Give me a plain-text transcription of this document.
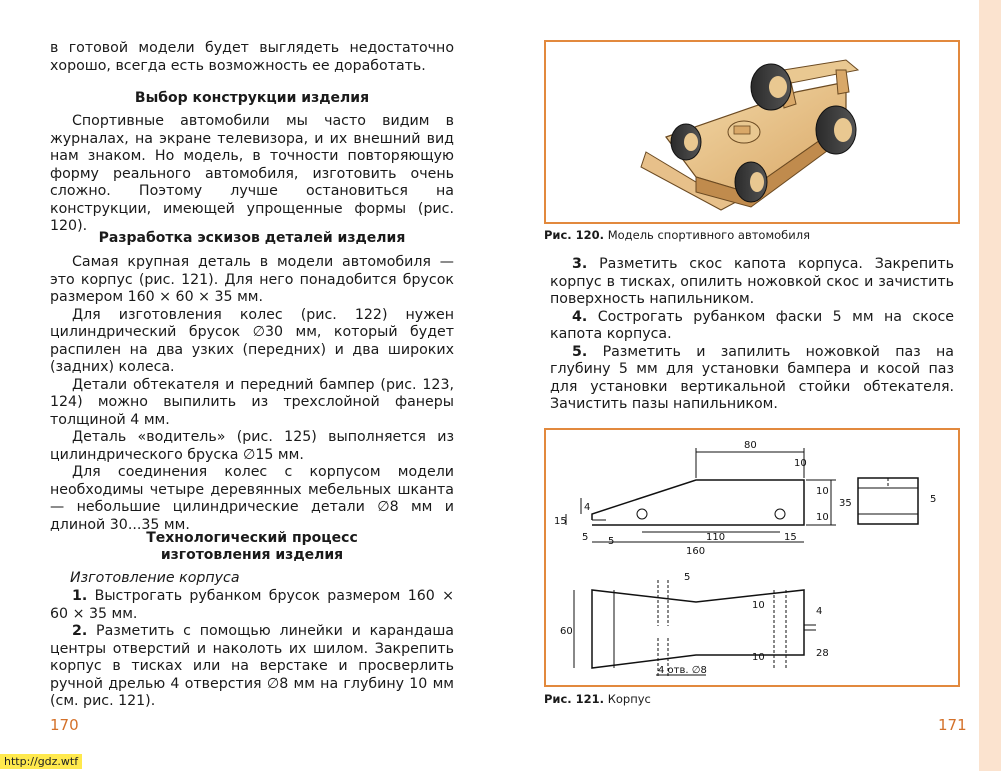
в готовой модели будет выглядеть недостаточно хорошо, всегда есть возможность ее доработать.

Выбор конструкции изделия

Спортивные автомобили мы часто видим в журналах, на экране телевизора, и их внешний вид нам знаком. Но модель, в точности повторяющую форму реального автомобиля, изготовить очень сложно. Поэтому лучше остановиться на конструкции, имеющей упрощенные формы (рис. 120).

Разработка эскизов деталей изделия

Самая крупная деталь в модели автомобиля — это корпус (рис. 121). Для него понадобится брусок размером 160 × 60 × 35 мм.

Для изготовления колес (рис. 122) нужен цилиндрический брусок ∅30 мм, который будет распилен на два узких (передних) и два широких (задних) колеса.

Детали обтекателя и передний бампер (рис. 123, 124) можно выпилить из трехслойной фанеры толщиной 4 мм.

Деталь «водитель» (рис. 125) выполняется из цилиндрического бруска ∅15 мм.

Для соединения колес с корпусом модели необходимы четыре деревянных мебельных шканта — небольшие цилиндрические детали ∅8 мм и длиной 30...35 мм.

Технологический процесс
изготовления изделия
Изготовление корпуса

1. Выстрогать рубанком брусок размером 160 × 60 × 35 мм.

2. Разметить с помощью линейки и карандаша центры отверстий и наколоть их шилом. Закрепить корпус в тисках или на верстаке и просверлить ручной дрелью 4 отверстия ∅8 мм на глубину 10 мм (см. рис. 121).

170
http://gdz.wtf
Рис. 120. Модель спортивного автомобиля

3. Разметить скос капота корпуса. Закрепить корпус в тисках, опилить ножовкой скос и зачистить поверхность напильником.

4. Сострогать рубанком фаски 5 мм на скосе капота корпуса.

5. Разметить и запилить ножовкой паз на глубину 5 мм для установки бампера и косой паз для установки вертикальной стойки обтекателя. Зачистить пазы напильником.

80
10
10
10
35
4
15
5 5	110	15
160
5
5
60
10
10
4
28
4 отв. ∅8
Рис. 121. Корпус
171
